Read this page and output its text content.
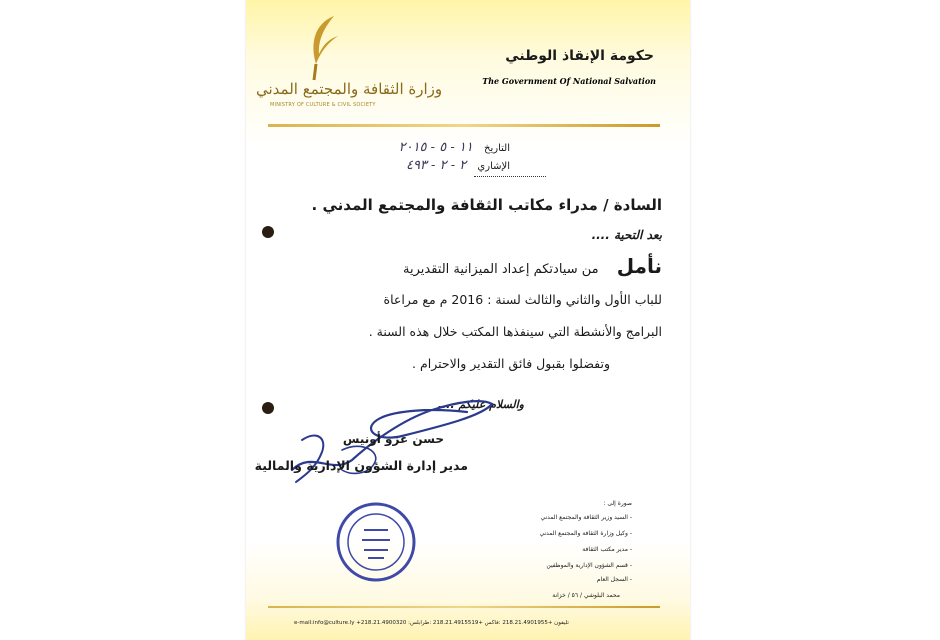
وزارة الثقافة والمجتمع المدني
MINISTRY OF CULTURE & CIVIL SOCIETY
حكومة الإنقاذ الوطني
The Government Of National Salvation
التاريخ ١١ - ٥ - ٢٠١٥
الإشاري ٢ - ٢ - ٤٩٣
السادة / مدراء مكاتب الثقافة والمجتمع المدني .
بعد التحية ....
نأمل من سيادتكم إعداد الميزانية التقديرية
للباب الأول والثاني والثالث لسنة : 2016 م مع مراعاة
البرامج والأنشطة التي سينفذها المكتب خلال هذه السنة .
وتفضلوا بقبول فائق التقدير والاحترام .
والسلام عليكم ....
حسن عزو أونيس
مدير إدارة الشؤون الإدارية والمالية
صورة إلى :
- السيد وزير الثقافة والمجتمع المدني
- وكيل وزارة الثقافة والمجتمع المدني
- مدير مكتب الثقافة
- قسم الشؤون الإدارية والموظفين
- السجل العام
محمد البلوشي / ٥٦ / خزانة
e-mail:info@culture.ly +218.21.4900320 :تليفون +218.21.4901955 :فاكس +218.21.4915519 :طرابلس
